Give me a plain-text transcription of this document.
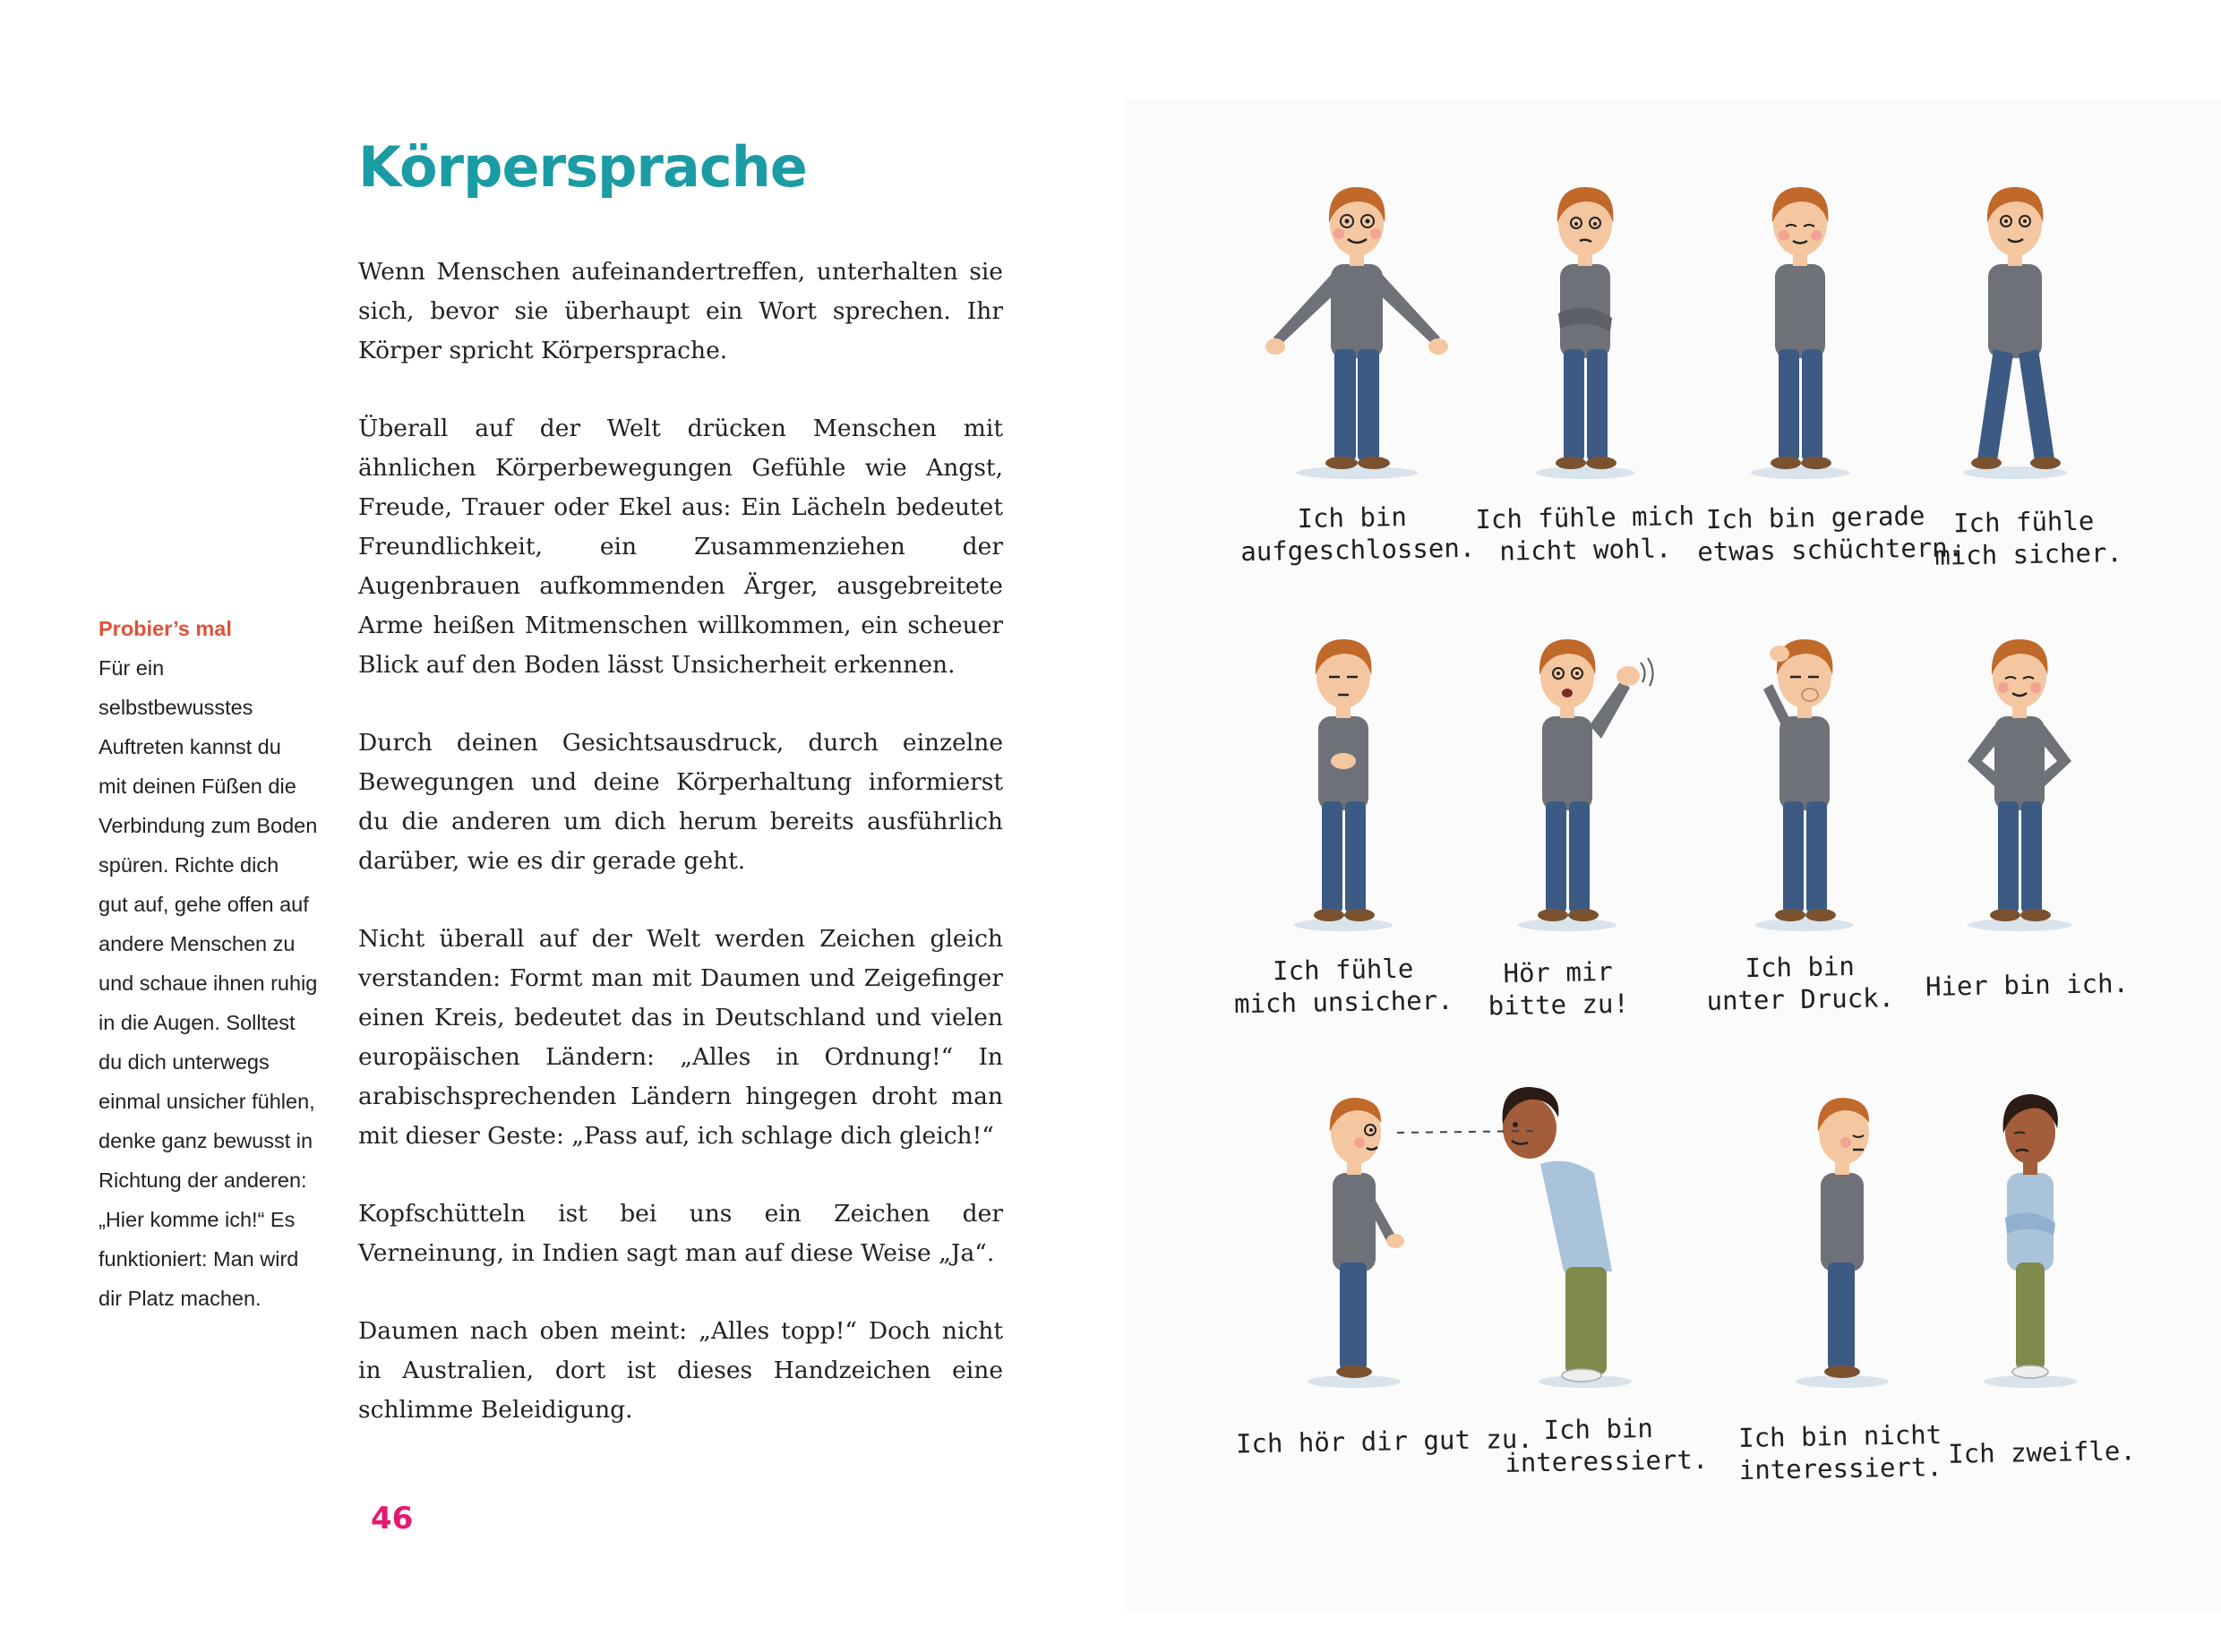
Körpersprache

Wenn Menschen aufeinandertreffen, unterhalten sie sich, bevor sie überhaupt ein Wort sprechen. Ihr Körper spricht Körpersprache.

Überall auf der Welt drücken Menschen mit ähnlichen Körperbewegungen Gefühle wie Angst, Freude, Trauer oder Ekel aus: Ein Lächeln bedeutet Freundlichkeit, ein Zusammenziehen der Augenbrauen aufkommenden Ärger, ausgebreitete Arme heißen Mitmenschen willkommen, ein scheuer Blick auf den Boden lässt Unsicherheit erkennen.

Durch deinen Gesichtsausdruck, durch einzelne Bewegungen und deine Körperhaltung informierst du die anderen um dich herum bereits ausführlich darüber, wie es dir gerade geht.

Nicht überall auf der Welt werden Zeichen gleich verstanden: Formt man mit Daumen und Zeigefinger einen Kreis, bedeutet das in Deutschland und vielen europäischen Ländern: „Alles in Ordnung!“ In arabischsprechenden Ländern hingegen droht man mit dieser Geste: „Pass auf, ich schlage dich gleich!“

Kopfschütteln ist bei uns ein Zeichen der Verneinung, in Indien sagt man auf diese Weise „Ja“.

Daumen nach oben meint: „Alles topp!“ Doch nicht in Australien, dort ist dieses Handzeichen eine schlimme Beleidigung.

Probier’s mal
Für ein selbstbewusstes
Auftreten kannst du
mit deinen Füßen die
Verbindung zum Boden
spüren. Richte dich
gut auf, gehe offen auf
andere Menschen zu
und schaue ihnen ruhig
in die Augen. Solltest
du dich unterwegs
einmal unsicher fühlen,
denke ganz bewusst in
Richtung der anderen:
„Hier komme ich!“ Es
funktioniert: Man wird
dir Platz machen.
46
Ich bin
aufgeschlossen.
Ich fühle mich
nicht wohl.
Ich bin gerade
etwas schüchtern.
Ich fühle
mich sicher.
Ich fühle
mich unsicher.
Hör mir
bitte zu!
Ich bin
unter Druck. Hier bin ich.
Ich hör dir gut zu. Ich bin
interessiert.
Ich bin nicht
interessiert. Ich zweifle.
